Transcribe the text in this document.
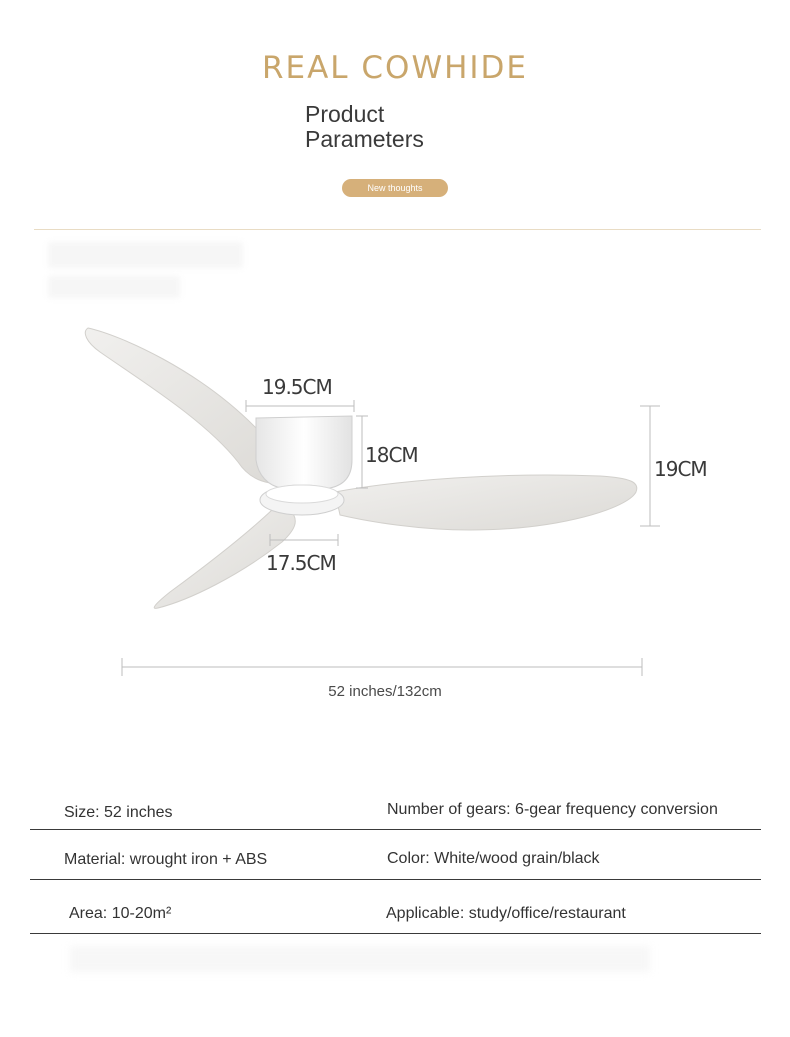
REAL COWHIDE
Product
Parameters
New thoughts
19.5CM
18CM
17.5CM
19CM
52 inches/132cm
Size: 52 inches	Number of gears: 6-gear frequency conversion
Material: wrought iron + ABS	Color: White/wood grain/black
Area: 10-20m²	Applicable: study/office/restaurant
